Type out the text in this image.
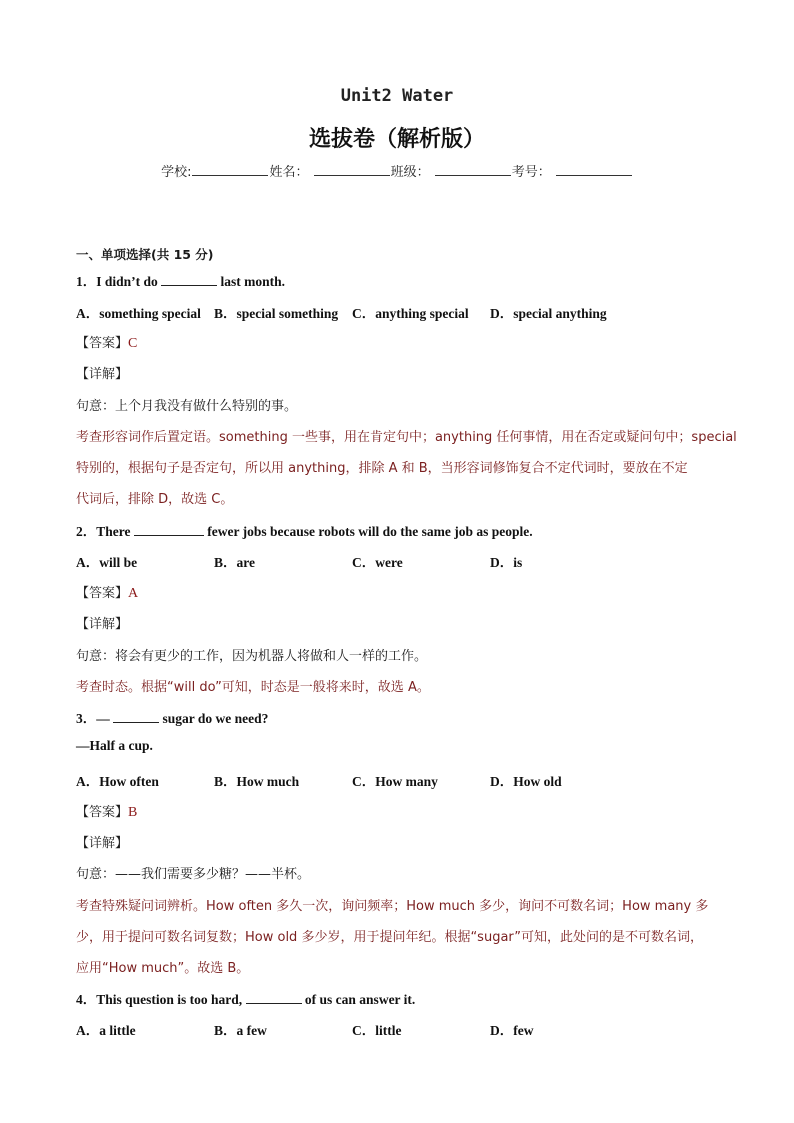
Unit2 Water
选拔卷（解析版）
学校:	姓名：	班级：	考号：
一、单项选择(共 15 分)
1．I didn’t do	last month.
A．something special B．special something C．anything special D．special anything
【答案】C
【详解】
句意：上个月我没有做什么特别的事。
考查形容词作后置定语。something 一些事，用在肯定句中；anything 任何事情，用在否定或疑问句中；special
特别的，根据句子是否定句，所以用 anything，排除 A 和 B，当形容词修饰复合不定代词时，要放在不定
代词后，排除 D，故选 C。
2．There	fewer jobs because robots will do the same job as people.
A．will be	B．are	C．were	D．is
【答案】A
【详解】
句意：将会有更少的工作，因为机器人将做和人一样的工作。
考查时态。根据“will do”可知，时态是一般将来时，故选 A。
3．—	sugar do we need?
—Half a cup.
A．How often	B．How much	C．How many	D．How old
【答案】B
【详解】
句意：——我们需要多少糖？——半杯。
考查特殊疑问词辨析。How often 多久一次，询问频率；How much 多少，询问不可数名词；How many 多
少，用于提问可数名词复数；How old 多少岁，用于提问年纪。根据“sugar”可知，此处问的是不可数名词，
应用“How much”。故选 B。
4．This question is too hard,	of us can answer it.
A．a little	B．a few	C．little	D．few
